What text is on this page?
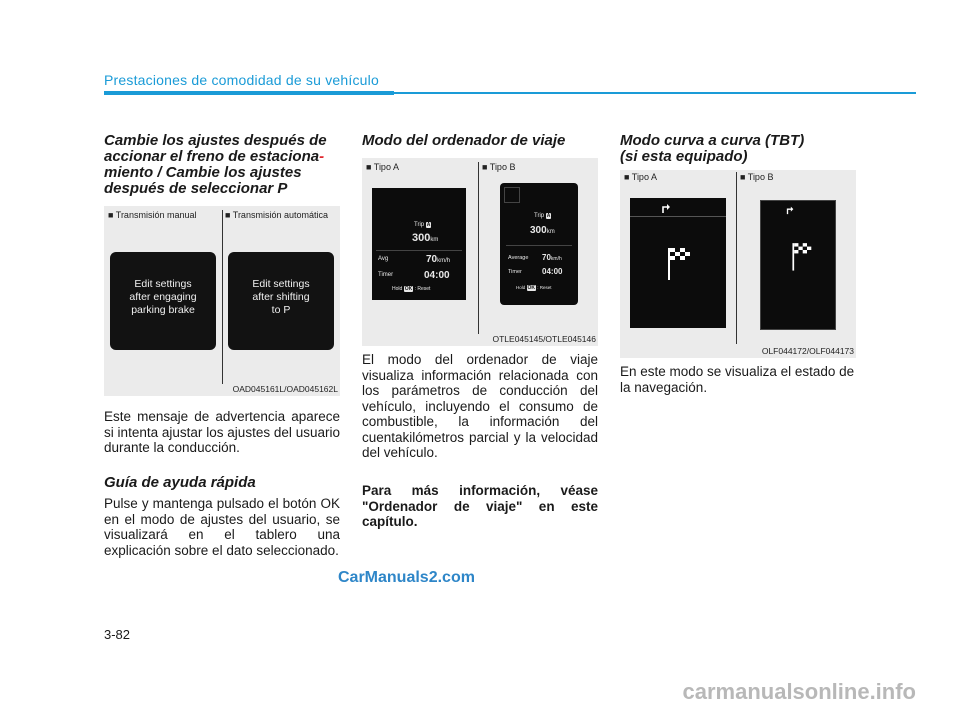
Prestaciones de comodidad de su vehículo
Cambie los ajustes después de
accionar el freno de estaciona-
miento / Cambie los ajustes
después de seleccionar P
■ Transmisión manual	■ Transmisión automática
Edit settings
after engaging
parking brake
Edit settings
after shifting
to P
OAD045161L/OAD045162L

Este mensaje de advertencia aparece si intenta ajustar los ajustes del usuario durante la conducción.

Guía de ayuda rápida

Pulse y mantenga pulsado el botón OK en el modo de ajustes del usuario, se visualizará en el tablero una explicación sobre el dato seleccionado.

Modo del ordenador de viaje
■ Tipo A	■ Tipo B
Trip A
300km
Avg	70km/h
Timer	04:00
Hold OK : Reset
Trip A
300km
Average 70km/h
Timer	04:00
Hold OK : Reset
OTLE045145/OTLE045146

El modo del ordenador de viaje visualiza información relacionada con los parámetros de conducción del vehículo, incluyendo el consumo de combustible, la información del cuentakilómetros parcial y la velocidad del vehículo.

Para más información, véase "Ordenador de viaje" en este capítulo.

Modo curva a curva (TBT)
(si esta equipado)
■ Tipo A	■ Tipo B
OLF044172/OLF044173

En este modo se visualiza el estado de la navegación.

3-82
CarManuals2.com
carmanualsonline.info
